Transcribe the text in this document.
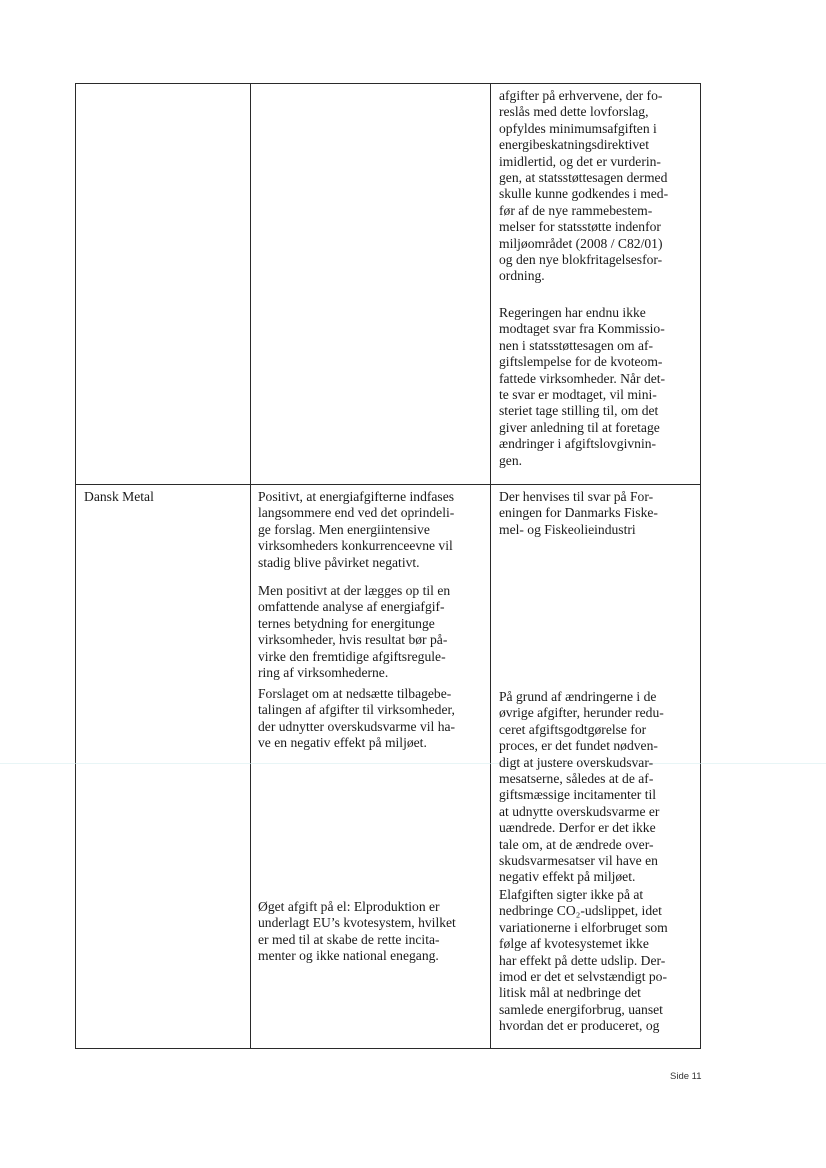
afgifter på erhvervene, der fo-
reslås med dette lovforslag,
opfyldes minimumsafgiften i
energibeskatningsdirektivet
imidlertid, og det er vurderin-
gen, at statsstøttesagen dermed
skulle kunne godkendes i med-
før af de nye rammebestem-
melser for statsstøtte indenfor
miljøområdet (2008 / C82/01)
og den nye blokfritagelsesfor-
ordning.

Regeringen har endnu ikke
modtaget svar fra Kommissio-
nen i statsstøttesagen om af-
giftslempelse for de kvoteom-
fattede virksomheder. Når det-
te svar er modtaget, vil mini-
steriet tage stilling til, om det
giver anledning til at foretage
ændringer i afgiftslovgivnin-
gen.

Dansk Metal	Positivt, at energiafgifterne indfases
langsommere end ved det oprindeli-
ge forslag. Men energiintensive
virksomheders konkurrenceevne vil
stadig blive påvirket negativt.

Men positivt at der lægges op til en
omfattende analyse af energiafgif-
ternes betydning for energitunge
virksomheder, hvis resultat bør på-
virke den fremtidige afgiftsregule-
ring af virksomhederne.

Forslaget om at nedsætte tilbagebe-
talingen af afgifter til virksomheder,
der udnytter overskudsvarme vil ha-
ve en negativ effekt på miljøet.

Øget afgift på el: Elproduktion er
underlagt EU’s kvotesystem, hvilket
er med til at skabe de rette incita-
menter og ikke national enegang.

Der henvises til svar på For-
eningen for Danmarks Fiske-
mel- og Fiskeolieindustri

På grund af ændringerne i de
øvrige afgifter, herunder redu-
ceret afgiftsgodtgørelse for
proces, er det fundet nødven-
digt at justere overskudsvar-
mesatserne, således at de af-
giftsmæssige incitamenter til
at udnytte overskudsvarme er
uændrede. Derfor er det ikke
tale om, at de ændrede over-
skudsvarmesatser vil have en
negativ effekt på miljøet.

Elafgiften sigter ikke på at
nedbringe CO₂-udslippet, idet
variationerne i elforbruget som
følge af kvotesystemet ikke
har effekt på dette udslip. Der-
imod er det et selvstændigt po-
litisk mål at nedbringe det
samlede energiforbrug, uanset
hvordan det er produceret, og

Side 11
